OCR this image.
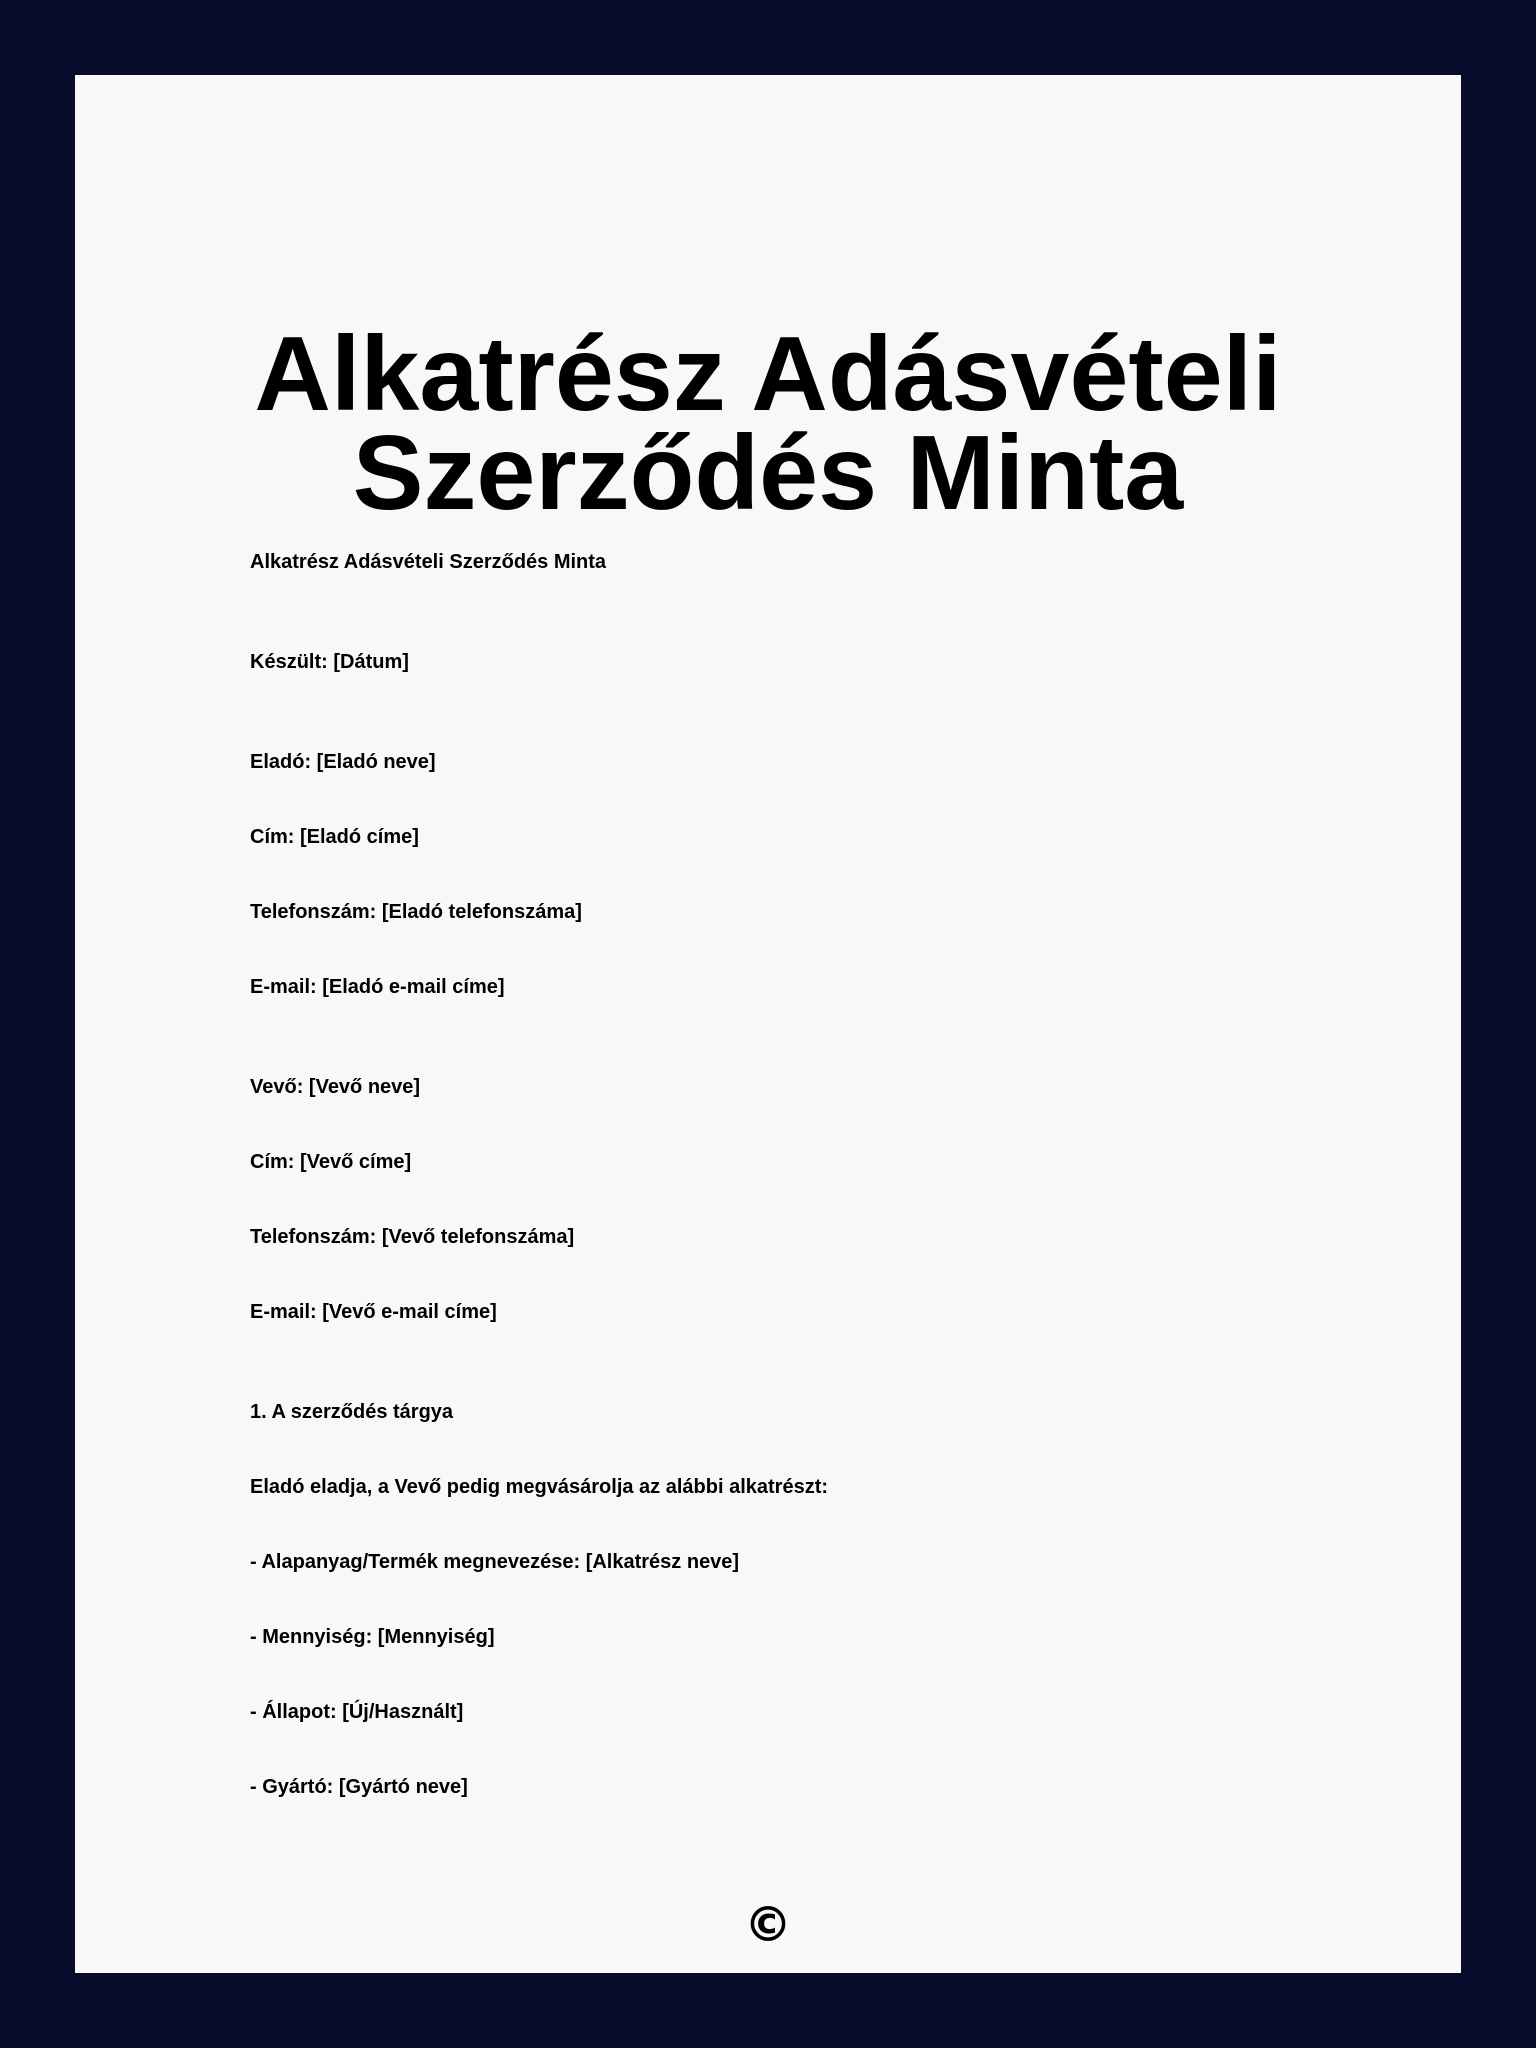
Alkatrész Adásvételi
Szerződés Minta
Alkatrész Adásvételi Szerződés Minta
Készült: [Dátum]
Eladó: [Eladó neve]
Cím: [Eladó címe]
Telefonszám: [Eladó telefonszáma]
E-mail: [Eladó e-mail címe]
Vevő: [Vevő neve]
Cím: [Vevő címe]
Telefonszám: [Vevő telefonszáma]
E-mail: [Vevő e-mail címe]
1. A szerződés tárgya
Eladó eladja, a Vevő pedig megvásárolja az alábbi alkatrészt:
- Alapanyag/Termék megnevezése: [Alkatrész neve]
- Mennyiség: [Mennyiség]
- Állapot: [Új/Használt]
- Gyártó: [Gyártó neve]
©
